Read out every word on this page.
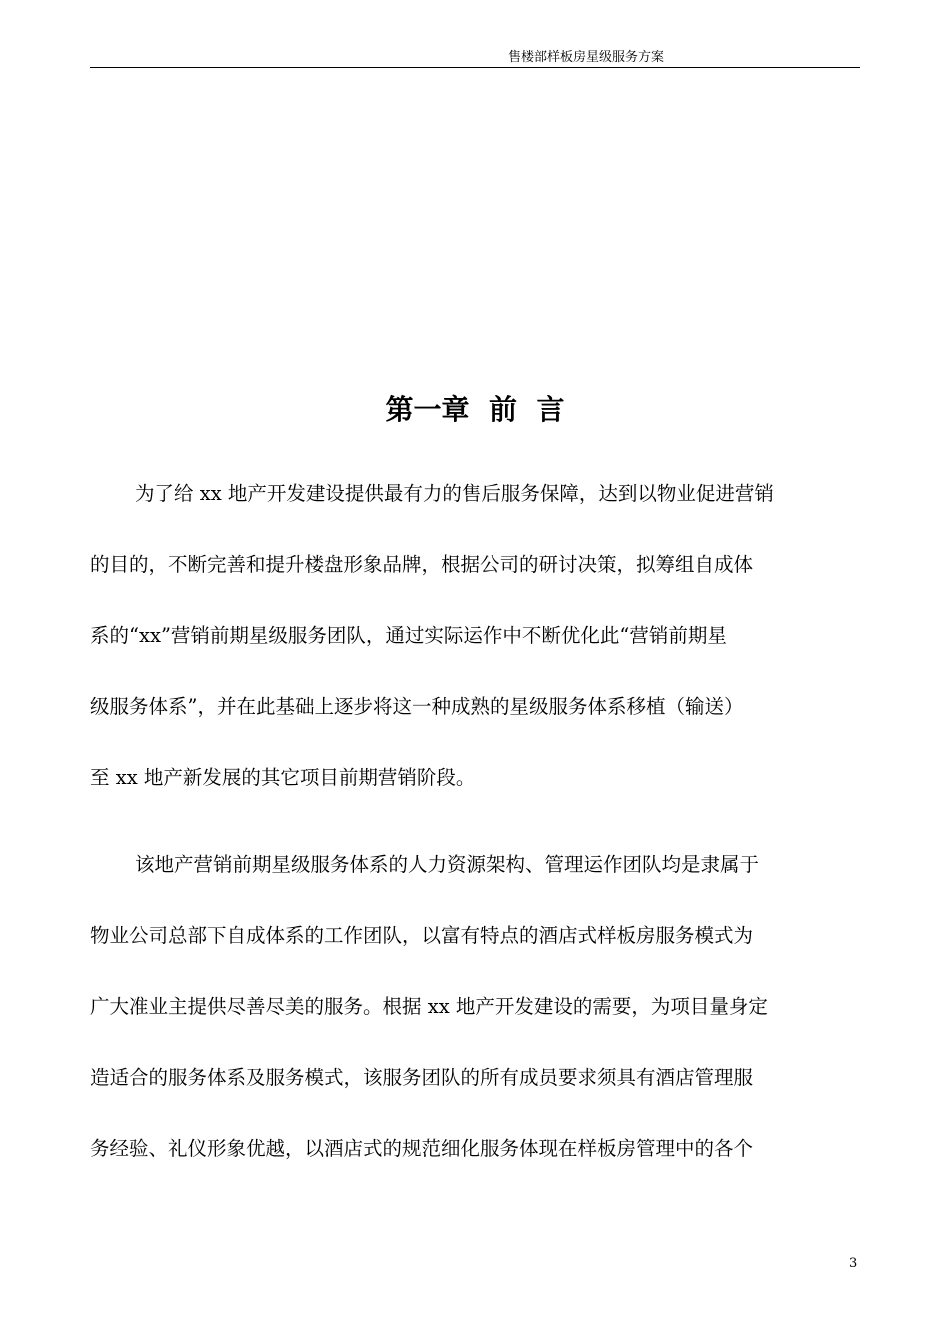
售楼部样板房星级服务方案
第一章  前  言
为了给 xx 地产开发建设提供最有力的售后服务保障，达到以物业促进营销
的目的，不断完善和提升楼盘形象品牌，根据公司的研讨决策，拟筹组自成体
系的“xx”营销前期星级服务团队，通过实际运作中不断优化此“营销前期星
级服务体系”，并在此基础上逐步将这一种成熟的星级服务体系移植（输送）
至 xx 地产新发展的其它项目前期营销阶段。
该地产营销前期星级服务体系的人力资源架构、管理运作团队均是隶属于
物业公司总部下自成体系的工作团队，以富有特点的酒店式样板房服务模式为
广大准业主提供尽善尽美的服务。根据 xx 地产开发建设的需要，为项目量身定
造适合的服务体系及服务模式，该服务团队的所有成员要求须具有酒店管理服
务经验、礼仪形象优越，以酒店式的规范细化服务体现在样板房管理中的各个
3
